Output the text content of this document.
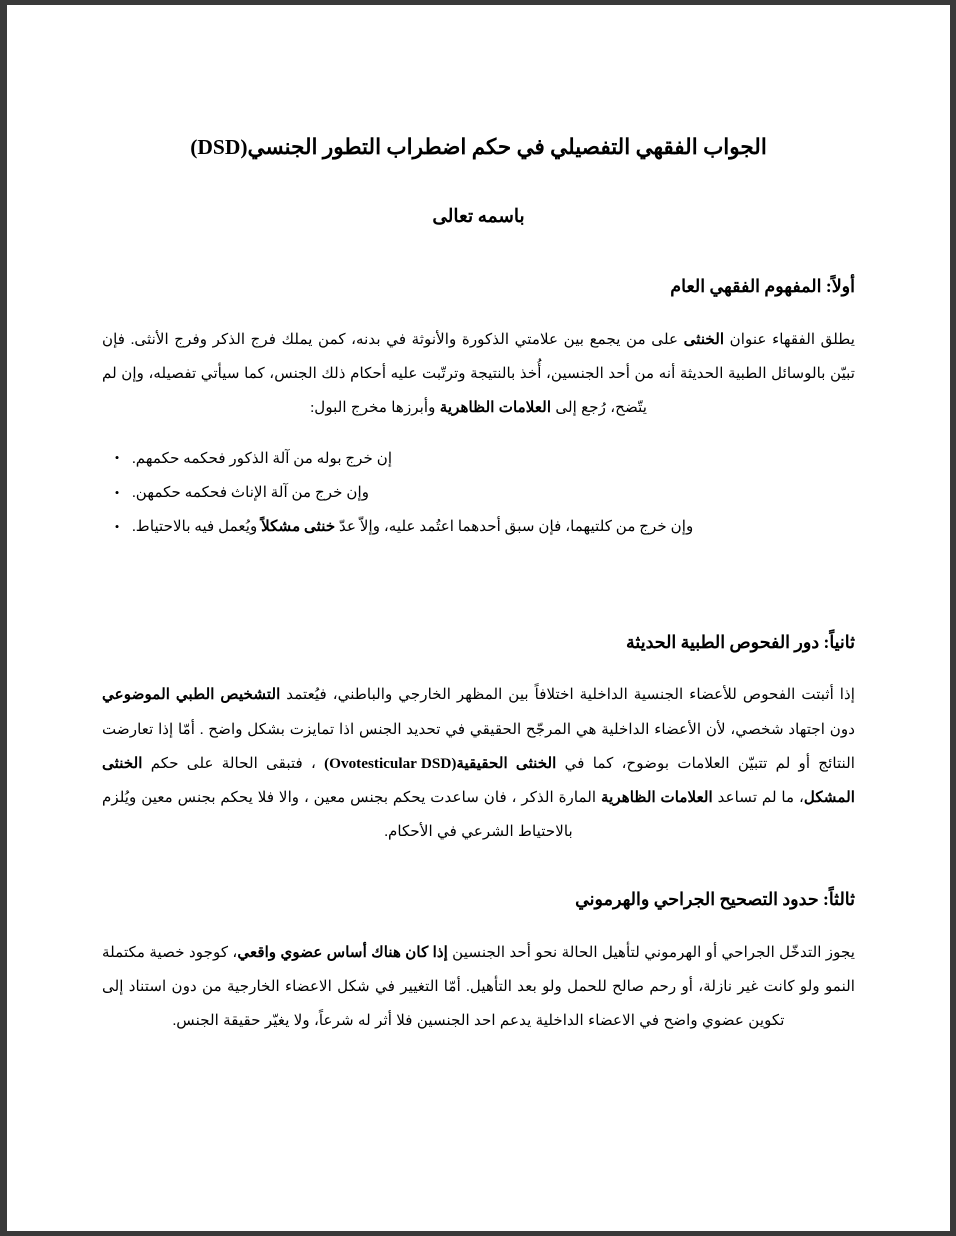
الجواب الفقهي التفصيلي في حكم اضطراب التطور الجنسي(DSD)
باسمه تعالى
أولاً: المفهوم الفقهي العام
يطلق الفقهاء عنوان الخنثى على من يجمع بين علامتي الذكورة والأنوثة في بدنه، كمن يملك فرج الذكر وفرج الأنثى. فإن تبيّن بالوسائل الطبية الحديثة أنه من أحد الجنسين، أُخذ بالنتيجة وترتّبت عليه أحكام ذلك الجنس، كما سيأتي تفصيله، وإن لم يتّضح، رُجع إلى العلامات الظاهرية وأبرزها مخرج البول:
إن خرج بوله من آلة الذكور فحكمه حكمهم.•
وإن خرج من آلة الإناث فحكمه حكمهن.•
وإن خرج من كلتيهما، فإن سبق أحدهما اعتُمد عليه، وإلاّ عدّ خنثى مشكلاً ويُعمل فيه بالاحتياط.•
ثانياً: دور الفحوص الطبية الحديثة
إذا أثبتت الفحوص للأعضاء الجنسية الداخلية اختلافاً بين المظهر الخارجي والباطني، فيُعتمد التشخيص الطبي الموضوعي دون اجتهاد شخصي، لأن الأعضاء الداخلية هي المرجّح الحقيقي في تحديد الجنس اذا تمايزت بشكل واضح . أمّا إذا تعارضت النتائج أو لم تتبيّن العلامات بوضوح، كما في الخنثى الحقيقية(Ovotesticular DSD) ، فتبقى الحالة على حكم الخنثى المشكل، ما لم تساعد العلامات الظاهرية المارة الذكر ، فان ساعدت يحكم بجنس معين ، والا فلا يحكم بجنس معين ويُلزم بالاحتياط الشرعي في الأحكام.
ثالثاً: حدود التصحيح الجراحي والهرموني
يجوز التدخّل الجراحي أو الهرموني لتأهيل الحالة نحو أحد الجنسين إذا كان هناك أساس عضوي واقعي، كوجود خصية مكتملة النمو ولو كانت غير نازلة، أو رحم صالح للحمل ولو بعد التأهيل. أمّا التغيير في شكل الاعضاء الخارجية من دون استناد إلى تكوين عضوي واضح في الاعضاء الداخلية يدعم احد الجنسين فلا أثر له شرعاً، ولا يغيّر حقيقة الجنس.
